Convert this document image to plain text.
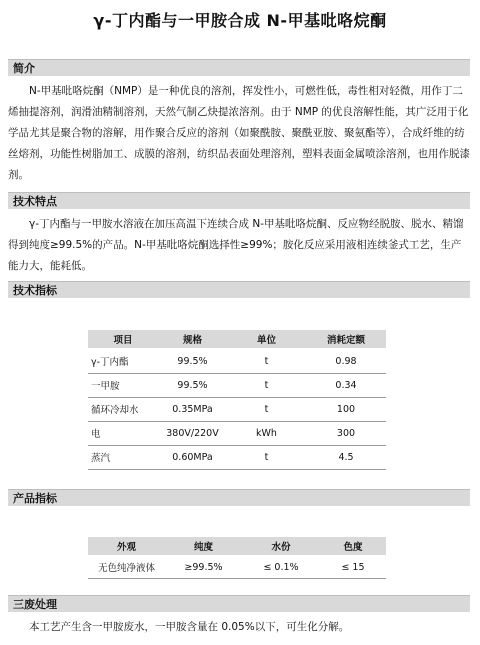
γ-丁内酯与一甲胺合成 N-甲基吡咯烷酮
简介

N-甲基吡咯烷酮（NMP）是一种优良的溶剂，挥发性小，可燃性低，毒性相对轻微，用作丁二烯抽提溶剂，润滑油精制溶剂，天然气制乙炔提浓溶剂。由于 NMP 的优良溶解性能，其广泛用于化学品尤其是聚合物的溶解，用作聚合反应的溶剂（如聚酰胺、聚酰亚胺、聚氨酯等），合成纤维的纺丝熔剂，功能性树脂加工、成膜的溶剂，纺织品表面处理溶剂，塑料表面金属喷涂溶剂，也用作脱漆剂。

技术特点

γ-丁内酯与一甲胺水溶液在加压高温下连续合成 N-甲基吡咯烷酮、反应物经脱胺、脱水、精馏得到纯度≥99.5%的产品。N-甲基吡咯烷酮选择性≥99%；胺化反应采用液相连续釜式工艺，生产能力大，能耗低。

技术指标
项目	规格	单位	消耗定额
γ-丁内酯	99.5%	t	0.98
一甲胺	99.5%	t	0.34
循环冷却水	0.35MPa	t	100
电	380V/220V	kWh	300
蒸汽	0.60MPa	t	4.5
产品指标
外观	纯度	水份	色度
无色纯净液体	≥99.5%	≤ 0.1%	≤ 15
三废处理

本工艺产生含一甲胺废水，一甲胺含量在 0.05%以下，可生化分解。
